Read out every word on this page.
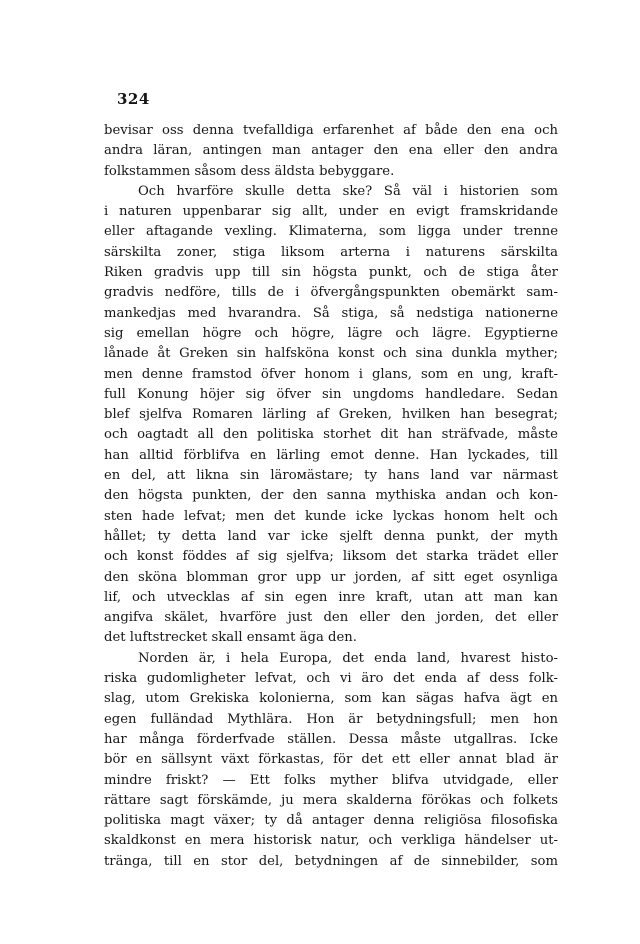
324
bevisar oss denna tvefalldiga erfarenhet af både den ena och
andra läran, antingen man antager den ena eller den andra
folkstammen såsom dess äldsta bebyggare.
Och hvarföre skulle detta ske? Så väl i historien som
i naturen uppenbarar sig allt, under en evigt framskridande
eller aftagande vexling. Klimaterna, som ligga under trenne
särskilta zoner, stiga liksom arterna i naturens särskilta
Riken gradvis upp till sin högsta punkt, och de stiga åter
gradvis nedföre, tills de i öfvergångspunkten obemärkt sam-
mankedjas med hvarandra. Så stiga, så nedstiga nationerne
sig emellan högre och högre, lägre och lägre. Egyptierne
lånade åt Greken sin halfsköna konst och sina dunkla myther;
men denne framstod öfver honom i glans, som en ung, kraft-
full Konung höjer sig öfver sin ungdoms handledare. Sedan
blef sjelfva Romaren lärling af Greken, hvilken han besegrat;
och oagtadt all den politiska storhet dit han sträfvade, måste
han alltid förblifva en lärling emot denne. Han lyckades, till
en del, att likna sin lärомästare; ty hans land var närmast
den högsta punkten, der den sanna mythiska andan och kon-
sten hade lefvat; men det kunde icke lyckas honom helt och
hållet; ty detta land var icke sjelft denna punkt, der myth
och konst föddes af sig sjelfva; liksom det starka trädet eller
den sköna blomman gror upp ur jorden, af sitt eget osynliga
lif, och utvecklas af sin egen inre kraft, utan att man kan
angifva skälet, hvarföre just den eller den jorden, det eller
det luftstrecket skall ensamt äga den.
Norden är, i hela Europa, det enda land, hvarest histo-
riska gudomligheter lefvat, och vi äro det enda af dess folk-
slag, utom Grekiska kolonierna, som kan sägas hafva ägt en
egen fulländad Mythlära. Hon är betydningsfull; men hon
har många förderfvade ställen. Dessa måste utgallras. Icke
bör en sällsynt växt förkastas, för det ett eller annat blad är
mindre friskt? — Ett folks myther blifva utvidgade, eller
rättare sagt förskämde, ju mera skalderna förökas och folkets
politiska magt växer; ty då antager denna religiösa filosofiska
skaldkonst en mera historisk natur, och verkliga händelser ut-
tränga, till en stor del, betydningen af de sinnebilder, som
